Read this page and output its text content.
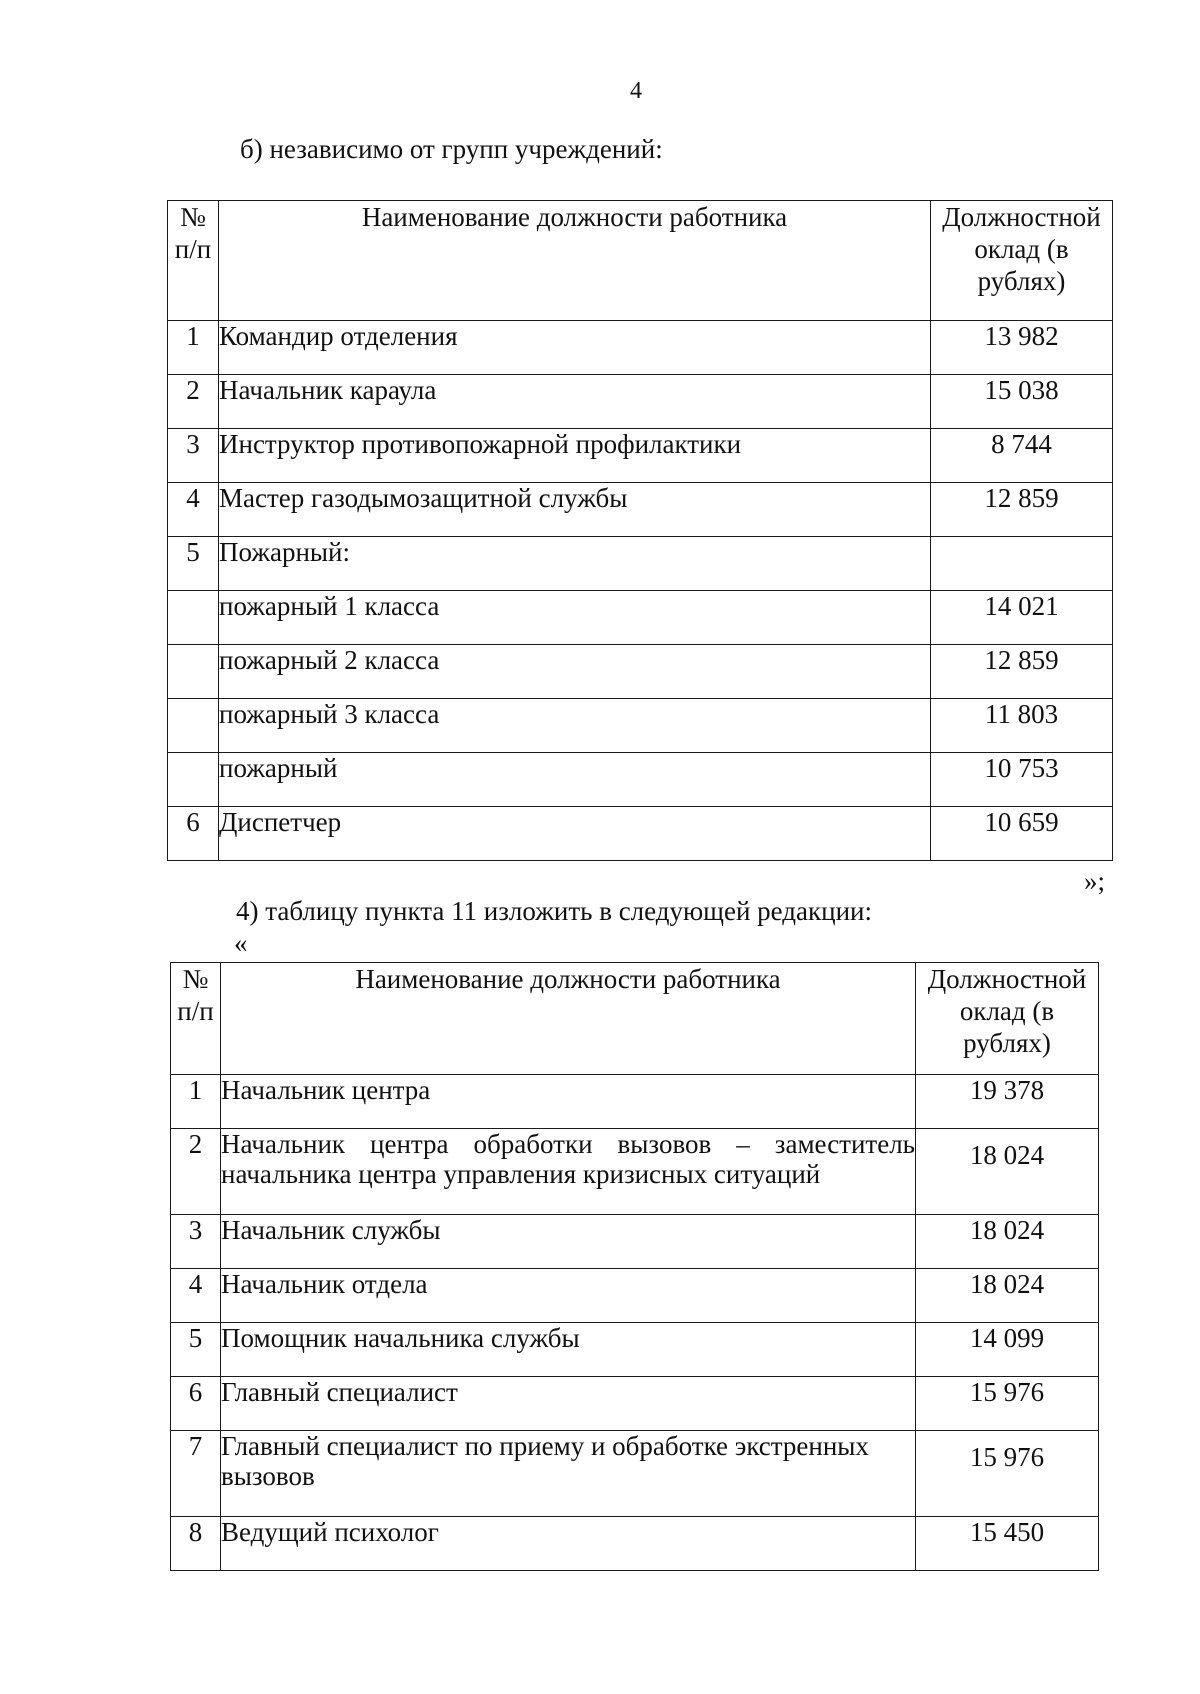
4
б) независимо от групп учреждений:
№ п/п	Наименование должности работника	Должностной оклад (в рублях)
1	Командир отделения	13 982
2	Начальник караула	15 038
3	Инструктор противопожарной профилактики	8 744
4	Мастер газодымозащитной службы	12 859
5	Пожарный:	
	пожарный 1 класса	14 021
	пожарный 2 класса	12 859
	пожарный 3 класса	11 803
	пожарный	10 753
6	Диспетчер	10 659
»;
4) таблицу пункта 11 изложить в следующей редакции:
«
№ п/п	Наименование должности работника	Должностной оклад (в рублях)
1	Начальник центра	19 378
2	Начальник центра обработки вызовов – заместитель начальника центра управления кризисных ситуаций	18 024
3	Начальник службы	18 024
4	Начальник отдела	18 024
5	Помощник начальника службы	14 099
6	Главный специалист	15 976
7	Главный специалист по приему и обработке экстренных вызовов	15 976
8	Ведущий психолог	15 450
